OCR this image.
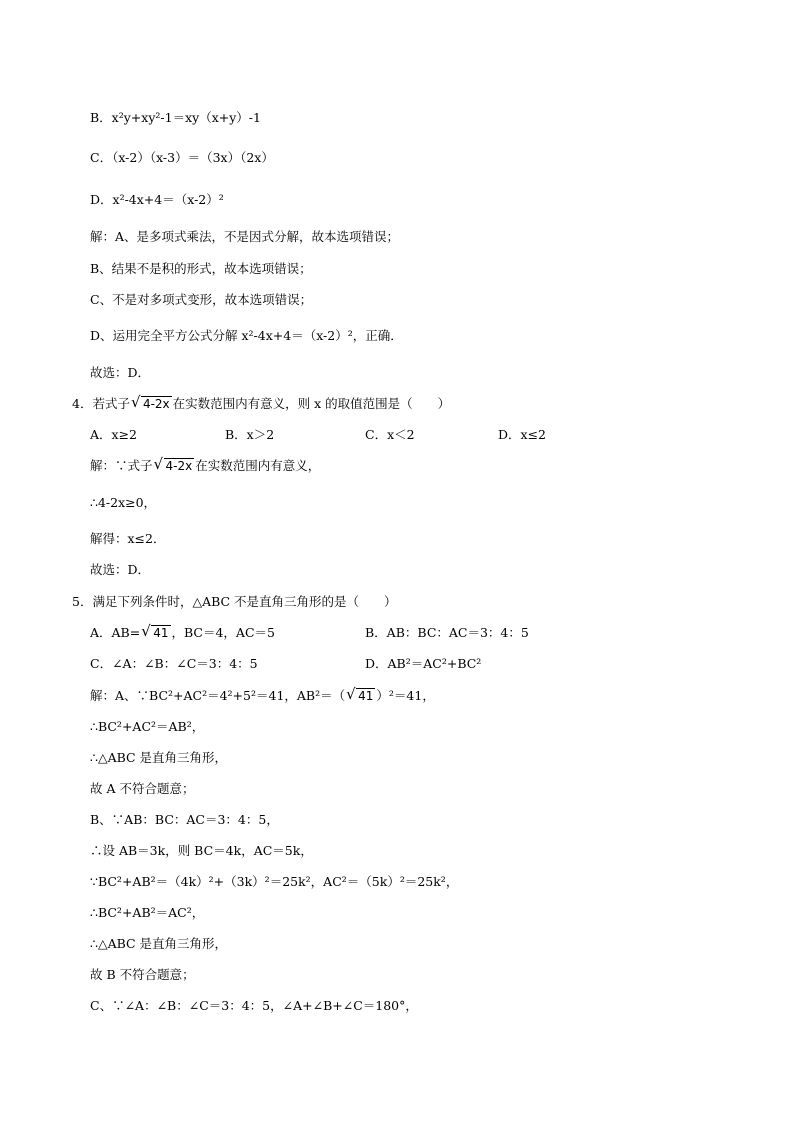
B．x²y+xy²-1＝xy（x+y）-1
C．（x-2）（x-3）＝（3x）（2x）
D．x²-4x+4＝（x-2）²
解：A、是多项式乘法，不是因式分解，故本选项错误；
B、结果不是积的形式，故本选项错误；
C、不是对多项式变形，故本选项错误；
D、运用完全平方公式分解 x²-4x+4＝（x-2）²，正确．
故选：D．
4．若式子 √ 4-2x 在实数范围内有意义，则 x 的取值范围是（　　）
A．x≥2	B．x＞2	C．x＜2	D．x≤2
解：∵式子 √ 4-2x 在实数范围内有意义，
∴4-2x≥0，
解得：x≤2．
故选：D．
5．满足下列条件时，△ABC 不是直角三角形的是（　　）
A．AB= √ 41 ，BC＝4，AC＝5	B．AB：BC：AC＝3：4：5
C．∠A：∠B：∠C＝3：4：5	D．AB²＝AC²+BC²
解：A、∵BC²+AC²＝4²+5²＝41，AB²＝（ √ 41 ）²＝41，
∴BC²+AC²＝AB²，
∴△ABC 是直角三角形，
故 A 不符合题意；
B、∵AB：BC：AC＝3：4：5，
∴设 AB＝3k，则 BC＝4k，AC＝5k，
∵BC²+AB²＝（4k）²+（3k）²＝25k²，AC²＝（5k）²＝25k²，
∴BC²+AB²＝AC²，
∴△ABC 是直角三角形，
故 B 不符合题意；
C、∵∠A：∠B：∠C＝3：4：5，∠A+∠B+∠C＝180°，
